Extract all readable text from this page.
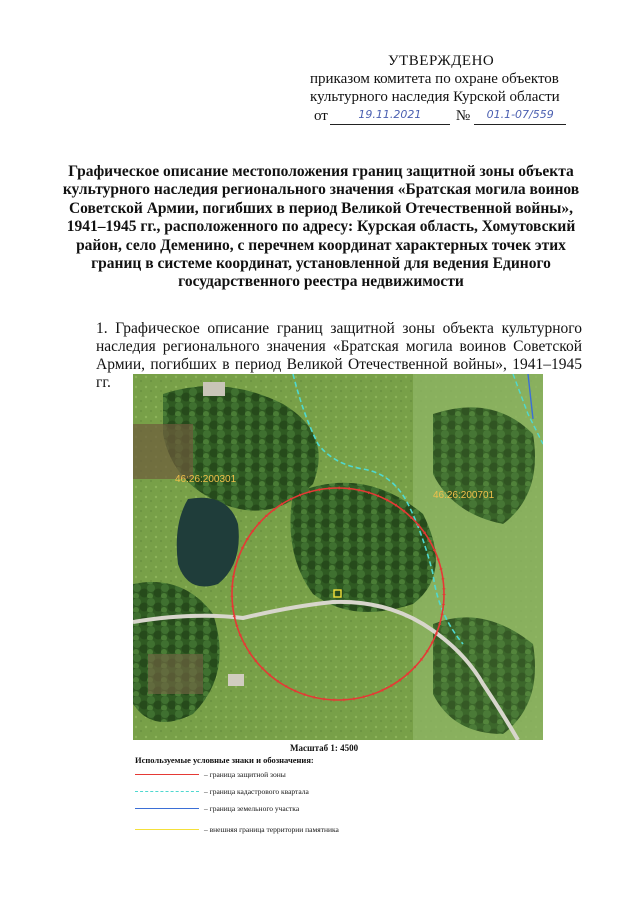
УТВЕРЖДЕНО
приказом комитета по охране объектов
культурного наследия Курской области
от	19.11.2021	№	01.1-07/559
Графическое описание местоположения границ защитной зоны объекта культурного наследия регионального значения «Братская могила воинов Советской Армии, погибших в период Великой Отечественной войны», 1941–1945 гг., расположенного по адресу: Курская область, Хомутовский район, село Деменино, с перечнем координат характерных точек этих границ в системе координат, установленной для ведения Единого государственного реестра недвижимости
1. Графическое описание границ защитной зоны объекта культурного наследия регионального значения «Братская могила воинов Советской Армии, погибших в период Великой Отечественной войны», 1941–1945 гг.
46:26:200301
46:26:200701
Масштаб 1: 4500
Используемые условные знаки и обозначения:
– граница защитной зоны
– граница кадастрового квартала
– граница земельного участка
– внешняя граница территории памятника
